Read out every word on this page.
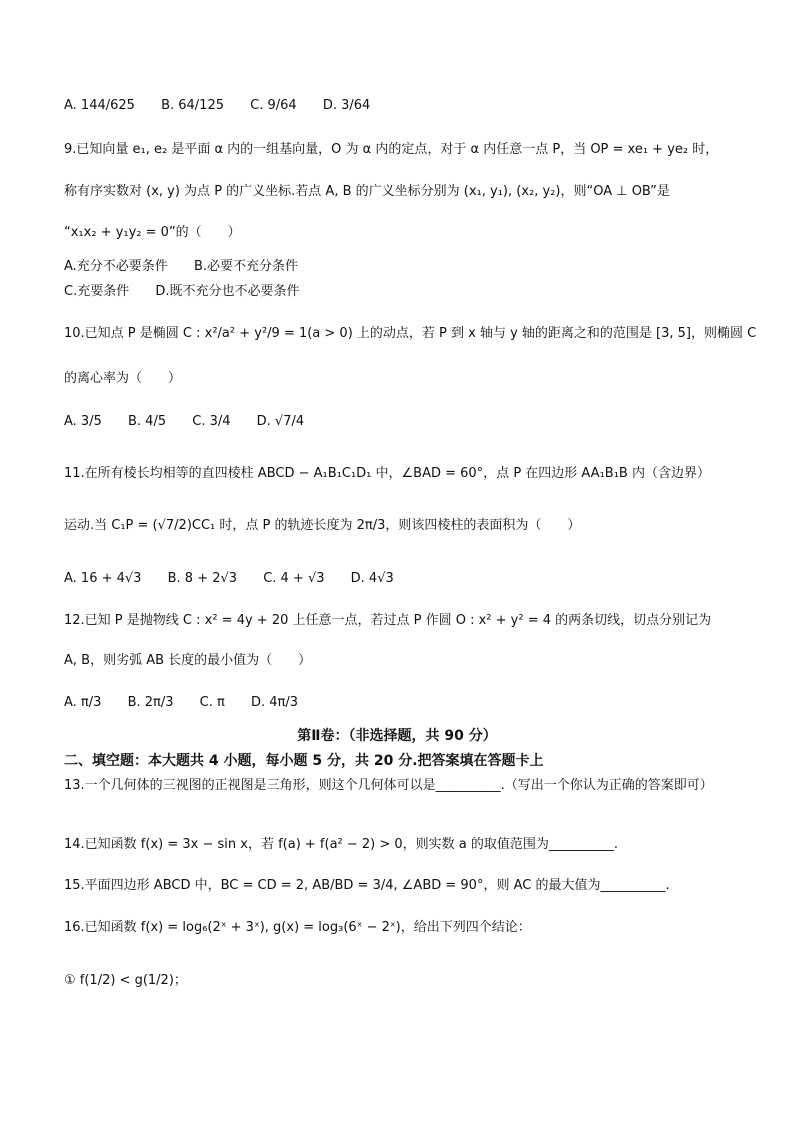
A. 144/625 B. 64/125 C. 9/64 D. 3/64
9.已知向量 e₁, e₂ 是平面 α 内的一组基向量，O 为 α 内的定点，对于 α 内任意一点 P，当 OP = xe₁ + ye₂ 时，
称有序实数对 (x, y) 为点 P 的广义坐标.若点 A, B 的广义坐标分别为 (x₁, y₁), (x₂, y₂)，则“OA ⊥ OB”是
“x₁x₂ + y₁y₂ = 0”的（　　）
A.充分不必要条件 B.必要不充分条件
C.充要条件 D.既不充分也不必要条件
10.已知点 P 是椭圆 C : x²/a² + y²/9 = 1(a > 0) 上的动点，若 P 到 x 轴与 y 轴的距离之和的范围是 [3, 5]，则椭圆 C
的离心率为（　　）
A. 3/5 B. 4/5 C. 3/4 D. √7/4
11.在所有棱长均相等的直四棱柱 ABCD − A₁B₁C₁D₁ 中，∠BAD = 60°，点 P 在四边形 AA₁B₁B 内（含边界）
运动.当 C₁P = (√7/2)CC₁ 时，点 P 的轨迹长度为 2π/3，则该四棱柱的表面积为（　　）
A. 16 + 4√3 B. 8 + 2√3 C. 4 + √3 D. 4√3
12.已知 P 是抛物线 C : x² = 4y + 20 上任意一点，若过点 P 作圆 O : x² + y² = 4 的两条切线，切点分别记为
A, B，则劣弧 AB 长度的最小值为（　　）
A. π/3 B. 2π/3 C. π D. 4π/3
第Ⅱ卷：（非选择题，共 90 分）
二、填空题：本大题共 4 小题，每小题 5 分，共 20 分.把答案填在答题卡上
13.一个几何体的三视图的正视图是三角形，则这个几何体可以是__________.（写出一个你认为正确的答案即可）
14.已知函数 f(x) = 3x − sin x，若 f(a) + f(a² − 2) > 0，则实数 a 的取值范围为__________.
15.平面四边形 ABCD 中，BC = CD = 2, AB/BD = 3/4, ∠ABD = 90°，则 AC 的最大值为__________.
16.已知函数 f(x) = log₆(2ˣ + 3ˣ), g(x) = log₃(6ˣ − 2ˣ)，给出下列四个结论：
① f(1/2) < g(1/2)；
